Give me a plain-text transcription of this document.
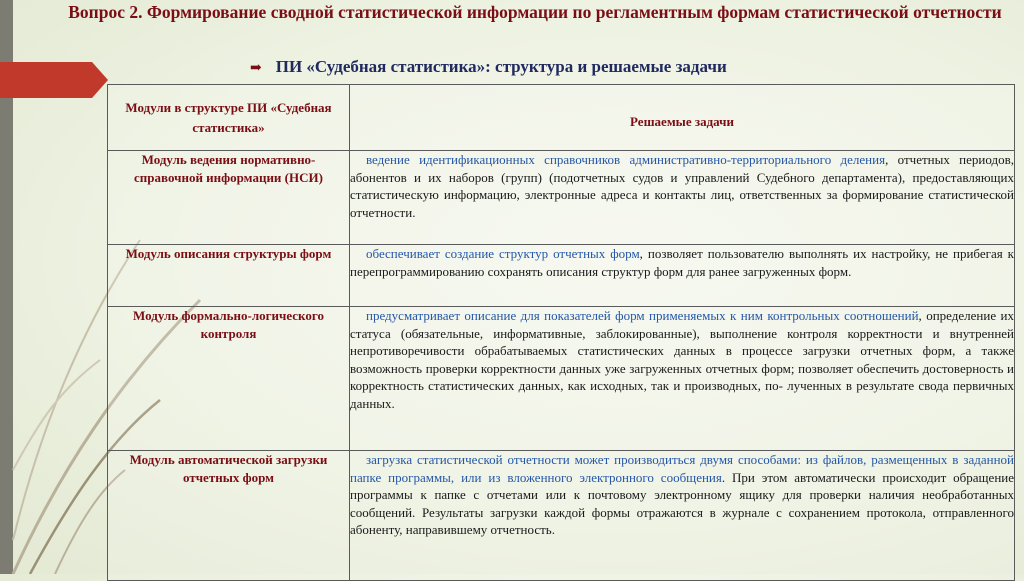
Вопрос 2. Формирование сводной статистической информации по регламентным формам статистической отчетности
➡ ПИ «Судебная статистика»: структура и решаемые задачи
Модули в структуре ПИ «Судебная статистика»	Решаемые задачи
Модуль ведения нормативно-справочной информации (НСИ)	ведение идентификационных справочников административно-территориального деления, отчетных периодов, абонентов и их наборов (групп) (подотчетных судов и управлений Судебного департамента), предоставляющих статистическую информацию, электронные адреса и контакты лиц, ответственных за формирование статистической отчетности.
Модуль описания структуры форм	обеспечивает создание структур отчетных форм, позволяет пользователю выполнять их настройку, не прибегая к перепрограммированию сохранять описания структур форм для ранее загруженных форм.
Модуль формально-логического контроля	предусматривает описание для показателей форм применяемых к ним контрольных соотношений, определение их статуса (обязательные, информативные, заблокированные), выполнение контроля корректности и внутренней непротиворечивости обрабатываемых статистических данных в процессе загрузки отчетных форм, а также возможность проверки корректности данных уже загруженных отчетных форм; позволяет обеспечить достоверность и корректность статистических данных, как исходных, так и производных, по- лученных в результате свода первичных данных.
Модуль автоматической загрузки отчетных форм	загрузка статистической отчетности может производиться двумя способами: из файлов, размещенных в заданной папке программы, или из вложенного электронного сообщения. При этом автоматически происходит обращение программы к папке с отчетами или к почтовому электронному ящику для проверки наличия необработанных сообщений. Результаты загрузки каждой формы отражаются в журнале с сохранением протокола, отправленного абоненту, направившему отчетность.
